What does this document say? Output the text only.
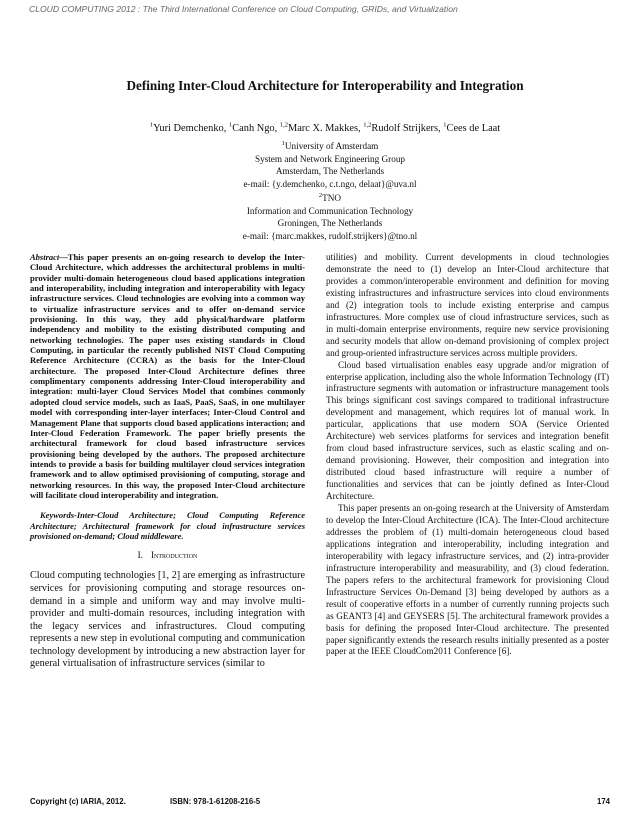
CLOUD COMPUTING 2012 : The Third International Conference on Cloud Computing, GRIDs, and Virtualization
Defining Inter-Cloud Architecture for Interoperability and Integration
$^1$Yuri Demchenko, $^1$Canh Ngo, $^{1,2}$Marc X. Makkes, $^{1,2}$Rudolf Strijkers, $^1$Cees de Laat
$^1$University of Amsterdam
System and Network Engineering Group
Amsterdam, The Netherlands
e-mail: {y.demchenko, c.t.ngo, delaat}@uva.nl
$^2$TNO
Information and Communication Technology
Groningen, The Netherlands
e-mail: {marc.makkes, rudolf.strijkers}@tno.nl

Abstract—This paper presents an on-going research to develop the Inter-Cloud Architecture, which addresses the architectural problems in multi-provider multi-domain heterogeneous cloud based applications integration and interoperability, including integration and interoperability with legacy infrastructure services. Cloud technologies are evolving into a common way to virtualize infrastructure services and to offer on-demand service provisioning. In this way, they add physical/hardware platform independency and mobility to the existing distributed computing and networking technologies. The paper uses existing standards in Cloud Computing, in particular the recently published NIST Cloud Computing Reference Architecture (CCRA) as the basis for the Inter-Cloud architecture. The proposed Inter-Cloud Architecture defines three complimentary components addressing Inter-Cloud interoperability and integration: multi-layer Cloud Services Model that combines commonly adopted cloud service models, such as IaaS, PaaS, SaaS, in one multilayer model with corresponding inter-layer interfaces; Inter-Cloud Control and Management Plane that supports cloud based applications interaction; and Inter-Cloud Federation Framework. The paper briefly presents the architectural framework for cloud based infrastructure services provisioning being developed by the authors. The proposed architecture intends to provide a basis for building multilayer cloud services integration framework and to allow optimised provisioning of computing, storage and networking resources. In this way, the proposed Inter-Cloud architecture will facilitate cloud interoperability and integration.

Keywords-Inter-Cloud Architecture; Cloud Computing Reference Architecture; Architectural framework for cloud infrastructure services provisioned on-demand; Cloud middleware.

I. Introduction

Cloud computing technologies [1, 2] are emerging as infrastructure services for provisioning computing and storage resources on-demand in a simple and uniform way and may involve multi-provider and multi-domain resources, including integration with the legacy services and infrastructures. Cloud computing represents a new step in evolutional computing and communication technology development by introducing a new abstraction layer for general virtualisation of infrastructure services (similar to

utilities) and mobility. Current developments in cloud technologies demonstrate the need to (1) develop an Inter-Cloud architecture that provides a common/interoperable environment and definition for moving existing infrastructures and infrastructure services into cloud environments and (2) integration tools to include existing enterprise and campus infrastructures. More complex use of cloud infrastructure services, such as in multi-domain enterprise environments, require new service provisioning and security models that allow on-demand provisioning of complex project and group-oriented infrastructure services across multiple providers.

Cloud based virtualisation enables easy upgrade and/or migration of enterprise application, including also the whole Information Technology (IT) infrastructure segments with automation or infrastructure management tools This brings significant cost savings compared to traditional infrastructure development and management, which requires lot of manual work. In particular, applications that use modern SOA (Service Oriented Architecture) web services platforms for services and integration benefit from cloud based infrastructure services, such as elastic scaling and on-demand provisioning. However, their composition and integration into distributed cloud based infrastructure will require a number of functionalities and services that can be jointly defined as Inter-Cloud Architecture.

This paper presents an on-going research at the University of Amsterdam to develop the Inter-Cloud Architecture (ICA). The Inter-Cloud architecture addresses the problem of (1) multi-domain heterogeneous cloud based applications integration and interoperability, including integration and interoperability with legacy infrastructure services, and (2) intra-provider infrastructure interoperability and measurability, and (3) cloud federation. The papers refers to the architectural framework for provisioning Cloud Infrastructure Services On-Demand [3] being developed by authors as a result of cooperative efforts in a number of currently running projects such as GEANT3 [4] and GEYSERS [5]. The architectural framework provides a basis for defining the proposed Inter-Cloud architecture. The presented paper significantly extends the research results initially presented as a poster paper at the IEEE CloudCom2011 Conference [6].

Copyright (c) IARIA, 2012.	ISBN: 978-1-61208-216-5	174
